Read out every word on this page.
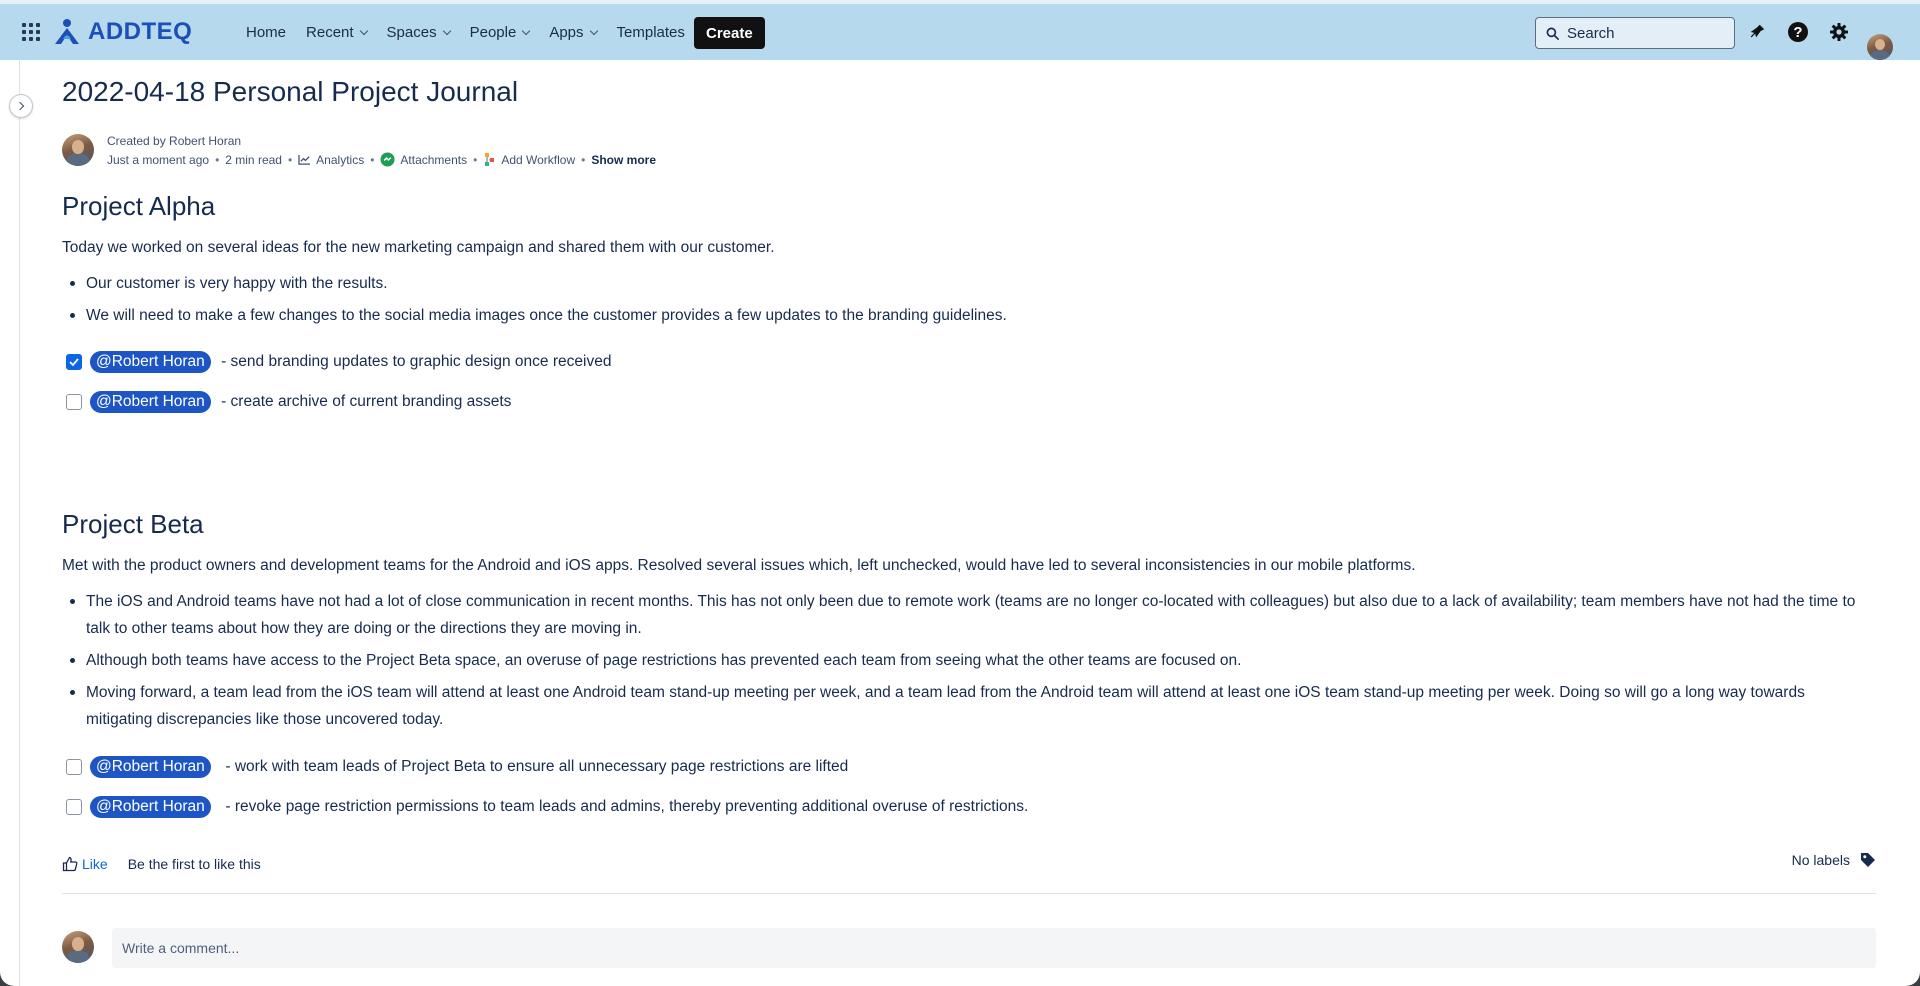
ADDTEQ	Home Recent Spaces People Apps Templates	Create
Search	?
2022-04-18 Personal Project Journal
Created by Robert Horan
Just a moment ago • 2 min read • Analytics • Attachments • Add Workflow • Show more
Project Alpha

Today we worked on several ideas for the new marketing campaign and shared them with our customer.

Our customer is very happy with the results.
We will need to make a few changes to the social media images once the customer provides a few updates to the branding guidelines.
@Robert Horan - send branding updates to graphic design once received
@Robert Horan - create archive of current branding assets
Project Beta

Met with the product owners and development teams for the Android and iOS apps. Resolved several issues which, left unchecked, would have led to several inconsistencies in our mobile platforms.

The iOS and Android teams have not had a lot of close communication in recent months. This has not only been due to remote work (teams are no longer co-located with colleagues) but also due to a lack of availability; team members have not had the time to talk to other teams about how they are doing or the directions they are moving in.
Although both teams have access to the Project Beta space, an overuse of page restrictions has prevented each team from seeing what the other teams are focused on.
Moving forward, a team lead from the iOS team will attend at least one Android team stand-up meeting per week, and a team lead from the Android team will attend at least one iOS team stand-up meeting per week. Doing so will go a long way towards mitigating discrepancies like those uncovered today.
@Robert Horan - work with team leads of Project Beta to ensure all unnecessary page restrictions are lifted
@Robert Horan - revoke page restriction permissions to team leads and admins, thereby preventing additional overuse of restrictions.
Like Be the first to like this	No labels
Write a comment...
